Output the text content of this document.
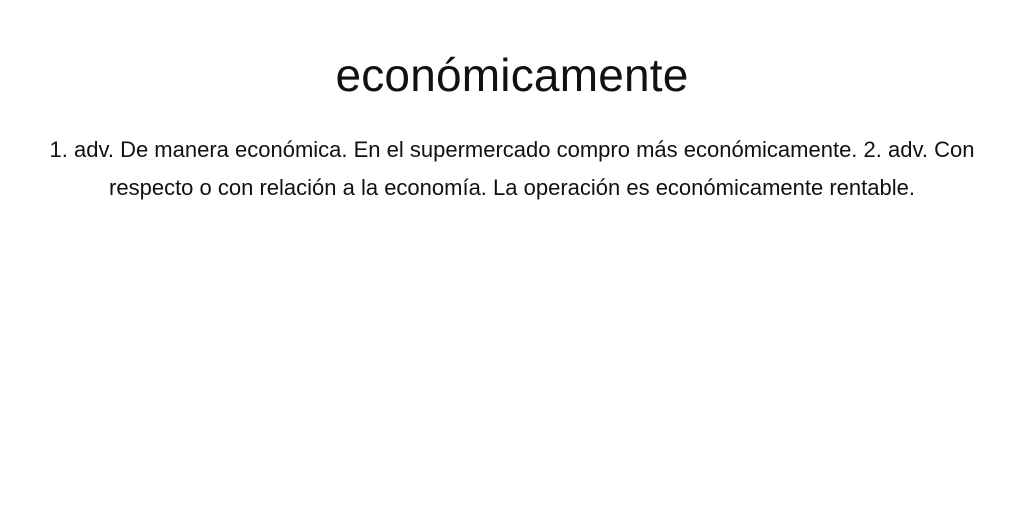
económicamente
1. adv. De manera económica. En el supermercado compro más económicamente. 2. adv. Con respecto o con relación a la economía. La operación es económicamente rentable.
